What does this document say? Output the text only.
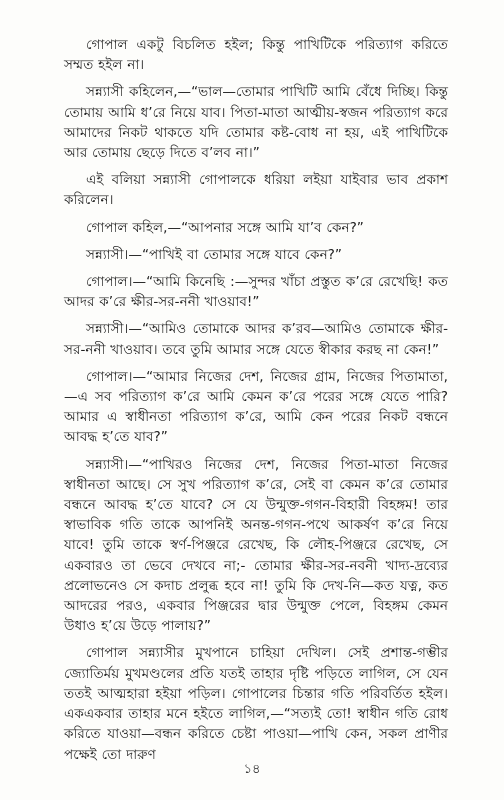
গোপাল একটু বিচলিত হইল; কিন্তু পাখিটিকে পরিত্যাগ করিতে সম্মত হইল না।

সন্ন্যাসী কহিলেন,—“ভাল—তোমার পাখিটি আমি বেঁধে দিচ্ছি। কিন্তু তোমায় আমি ধ’রে নিয়ে যাব। পিতা-মাতা আত্মীয়-স্বজন পরিত্যাগ করে আমাদের নিকট থাকতে যদি তোমার কষ্ট-বোধ না হয়, এই পাখিটিকে আর তোমায় ছেড়ে দিতে ব’লব না।”

এই বলিয়া সন্ন্যাসী গোপালকে ধরিয়া লইয়া যাইবার ভাব প্রকাশ করিলেন।

গোপাল কহিল,—“আপনার সঙ্গে আমি যা’ব কেন?”

সন্ন্যাসী।—“পাখিই বা তোমার সঙ্গে যাবে কেন?”

গোপাল।—“আমি কিনেছি :—সুন্দর খাঁচা প্রস্তুত ক’রে রেখেছি! কত আদর ক’রে ক্ষীর-সর-ননী খাওয়াব!”

সন্ন্যাসী।—“আমিও তোমাকে আদর ক’রব—আমিও তোমাকে ক্ষীর-সর-ননী খাওয়াব। তবে তুমি আমার সঙ্গে যেতে স্বীকার করছ না কেন!”

গোপাল।—“আমার নিজের দেশ, নিজের গ্রাম, নিজের পিতামাতা,—এ সব পরিত্যাগ ক’রে আমি কেমন ক’রে পরের সঙ্গে যেতে পারি? আমার এ স্বাধীনতা পরিত্যাগ ক’রে, আমি কেন পরের নিকট বন্ধনে আবদ্ধ হ’তে যাব?”

সন্ন্যাসী।—“পাখিরও নিজের দেশ, নিজের পিতা-মাতা নিজের স্বাধীনতা আছে। সে সুখ পরিত্যাগ ক’রে, সেই বা কেমন ক’রে তোমার বন্ধনে আবদ্ধ হ’তে যাবে? সে যে উন্মুক্ত-গগন-বিহারী বিহঙ্গম! তার স্বাভাবিক গতি তাকে আপনিই অনন্ত-গগন-পথে আকর্ষণ ক’রে নিয়ে যাবে! তুমি তাকে স্বর্ণ-পিঞ্জরে রেখেছ, কি লৌহ-পিঞ্জরে রেখেছ, সে একবারও তা ভেবে দেখবে না;- তোমার ক্ষীর-সর-নবনী খাদ্য-দ্রব্যের প্রলোভনেও সে কদাচ প্রলুব্ধ হবে না! তুমি কি দেখ-নি—কত যত্ন, কত আদরের পরও, একবার পিঞ্জরের দ্বার উন্মুক্ত পেলে, বিহঙ্গম কেমন উধাও হ’য়ে উড়ে পালায়?”

গোপাল সন্ন্যাসীর মুখপানে চাহিয়া দেখিল। সেই প্রশান্ত-গম্ভীর জ্যোতির্ময় মুখমণ্ডলের প্রতি যতই তাহার দৃষ্টি পড়িতে লাগিল, সে যেন ততই আত্মহারা হইয়া পড়িল। গোপালের চিন্তার গতি পরিবর্তিত হইল। একএকবার তাহার মনে হইতে লাগিল,—“সত্যই তো! স্বাধীন গতি রোধ করিতে যাওয়া—বন্ধন করিতে চেষ্টা পাওয়া—পাখি কেন, সকল প্রাণীর পক্ষেই তো দারুণ

১৪
